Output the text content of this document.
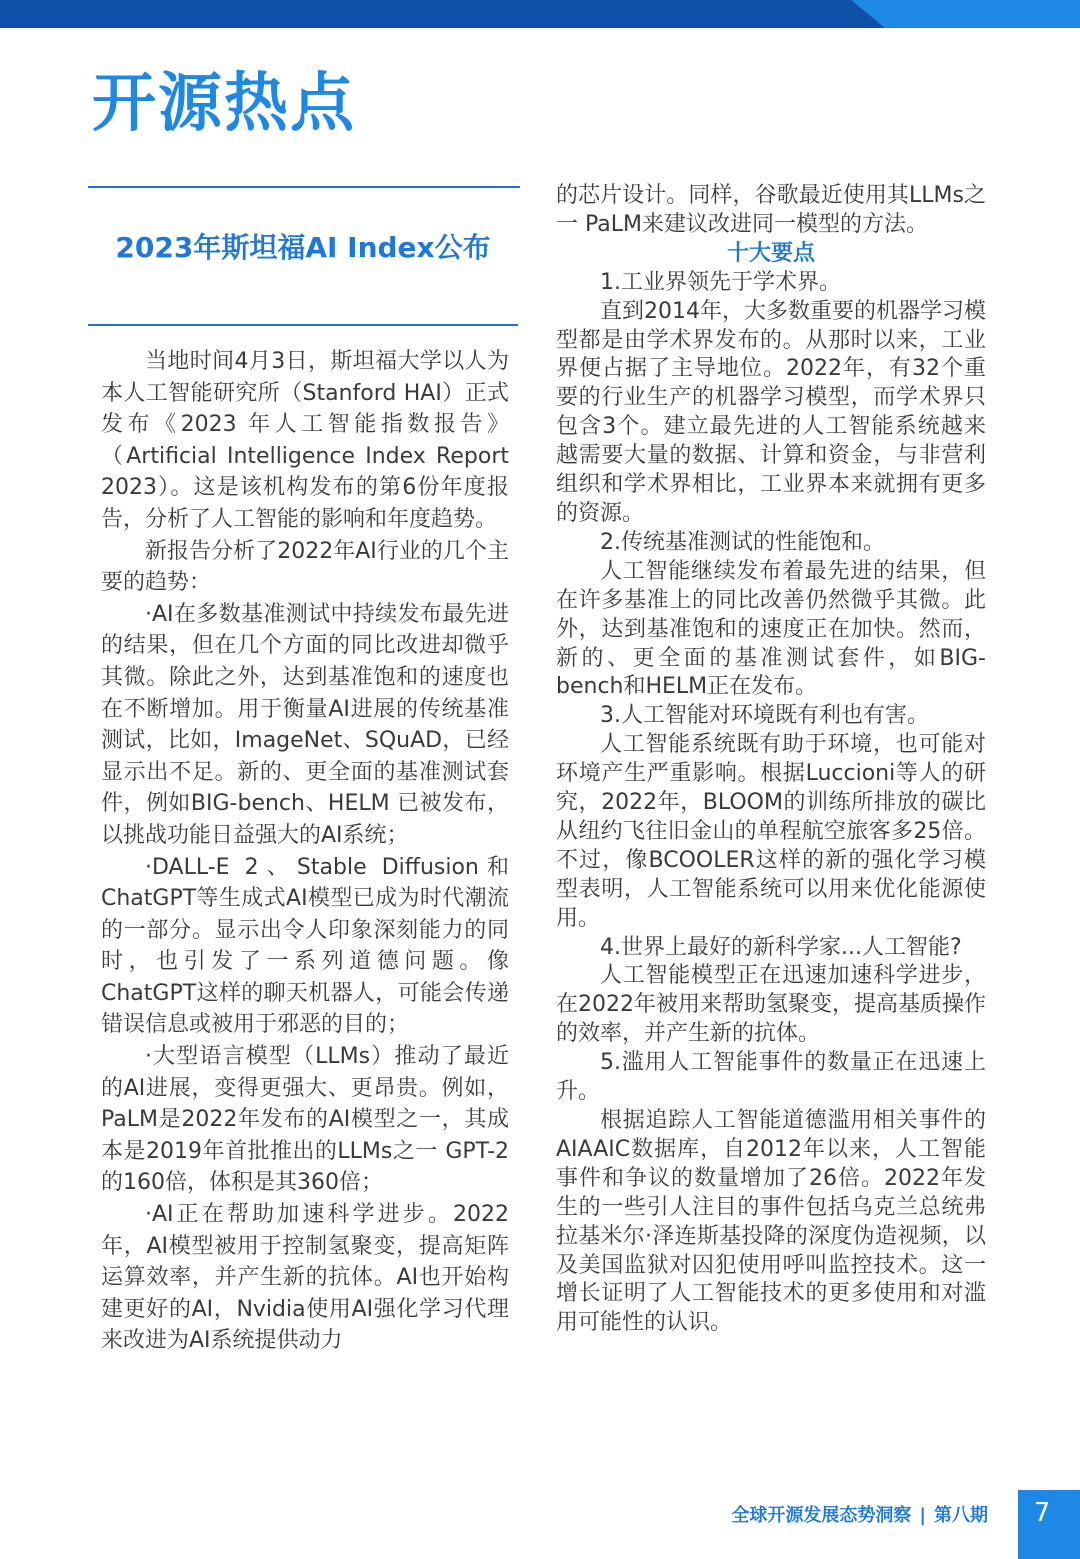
开源热点
2023年斯坦福AI Index公布

当地时间4月3日，斯坦福大学以人为本人工智能研究所（Stanford HAI）正式发布《2023 年人工智能指数报告》（Artificial Intelligence Index Report 2023）。这是该机构发布的第6份年度报告，分析了人工智能的影响和年度趋势。

新报告分析了2022年AI行业的几个主要的趋势：

·AI在多数基准测试中持续发布最先进的结果，但在几个方面的同比改进却微乎其微。除此之外，达到基准饱和的速度也在不断增加。用于衡量AI进展的传统基准测试，比如，ImageNet、SQuAD，已经显示出不足。新的、更全面的基准测试套件，例如BIG-bench、HELM 已被发布，以挑战功能日益强大的AI系统；

·DALL-E 2、Stable Diffusion和ChatGPT等生成式AI模型已成为时代潮流的一部分。显示出令人印象深刻能力的同时，也引发了一系列道德问题。像ChatGPT这样的聊天机器人，可能会传递错误信息或被用于邪恶的目的；

·大型语言模型（LLMs）推动了最近的AI进展，变得更强大、更昂贵。例如，PaLM是2022年发布的AI模型之一，其成本是2019年首批推出的LLMs之一 GPT-2的160倍，体积是其360倍；

·AI正在帮助加速科学进步。2022年，AI模型被用于控制氢聚变，提高矩阵运算效率，并产生新的抗体。AI也开始构建更好的AI，Nvidia使用AI强化学习代理来改进为AI系统提供动力

的芯片设计。同样，谷歌最近使用其LLMs之一 PaLM来建议改进同一模型的方法。

十大要点

1.工业界领先于学术界。

直到2014年，大多数重要的机器学习模型都是由学术界发布的。从那时以来，工业界便占据了主导地位。2022年，有32个重要的行业生产的机器学习模型，而学术界只包含3个。建立最先进的人工智能系统越来越需要大量的数据、计算和资金，与非营利组织和学术界相比，工业界本来就拥有更多的资源。

2.传统基准测试的性能饱和。

人工智能继续发布着最先进的结果，但在许多基准上的同比改善仍然微乎其微。此外，达到基准饱和的速度正在加快。然而，新的、更全面的基准测试套件，如BIG-bench和HELM正在发布。

3.人工智能对环境既有利也有害。

人工智能系统既有助于环境，也可能对环境产生严重影响。根据Luccioni等人的研究，2022年，BLOOM的训练所排放的碳比从纽约飞往旧金山的单程航空旅客多25倍。不过，像BCOOLER这样的新的强化学习模型表明，人工智能系统可以用来优化能源使用。

4.世界上最好的新科学家...人工智能?

人工智能模型正在迅速加速科学进步，在2022年被用来帮助氢聚变，提高基质操作的效率，并产生新的抗体。

5.滥用人工智能事件的数量正在迅速上升。

根据追踪人工智能道德滥用相关事件的AIAAIC数据库，自2012年以来，人工智能事件和争议的数量增加了26倍。2022年发生的一些引人注目的事件包括乌克兰总统弗拉基米尔·泽连斯基投降的深度伪造视频，以及美国监狱对囚犯使用呼叫监控技术。这一增长证明了人工智能技术的更多使用和对滥用可能性的认识。

全球开源发展态势洞察 | 第八期	7
